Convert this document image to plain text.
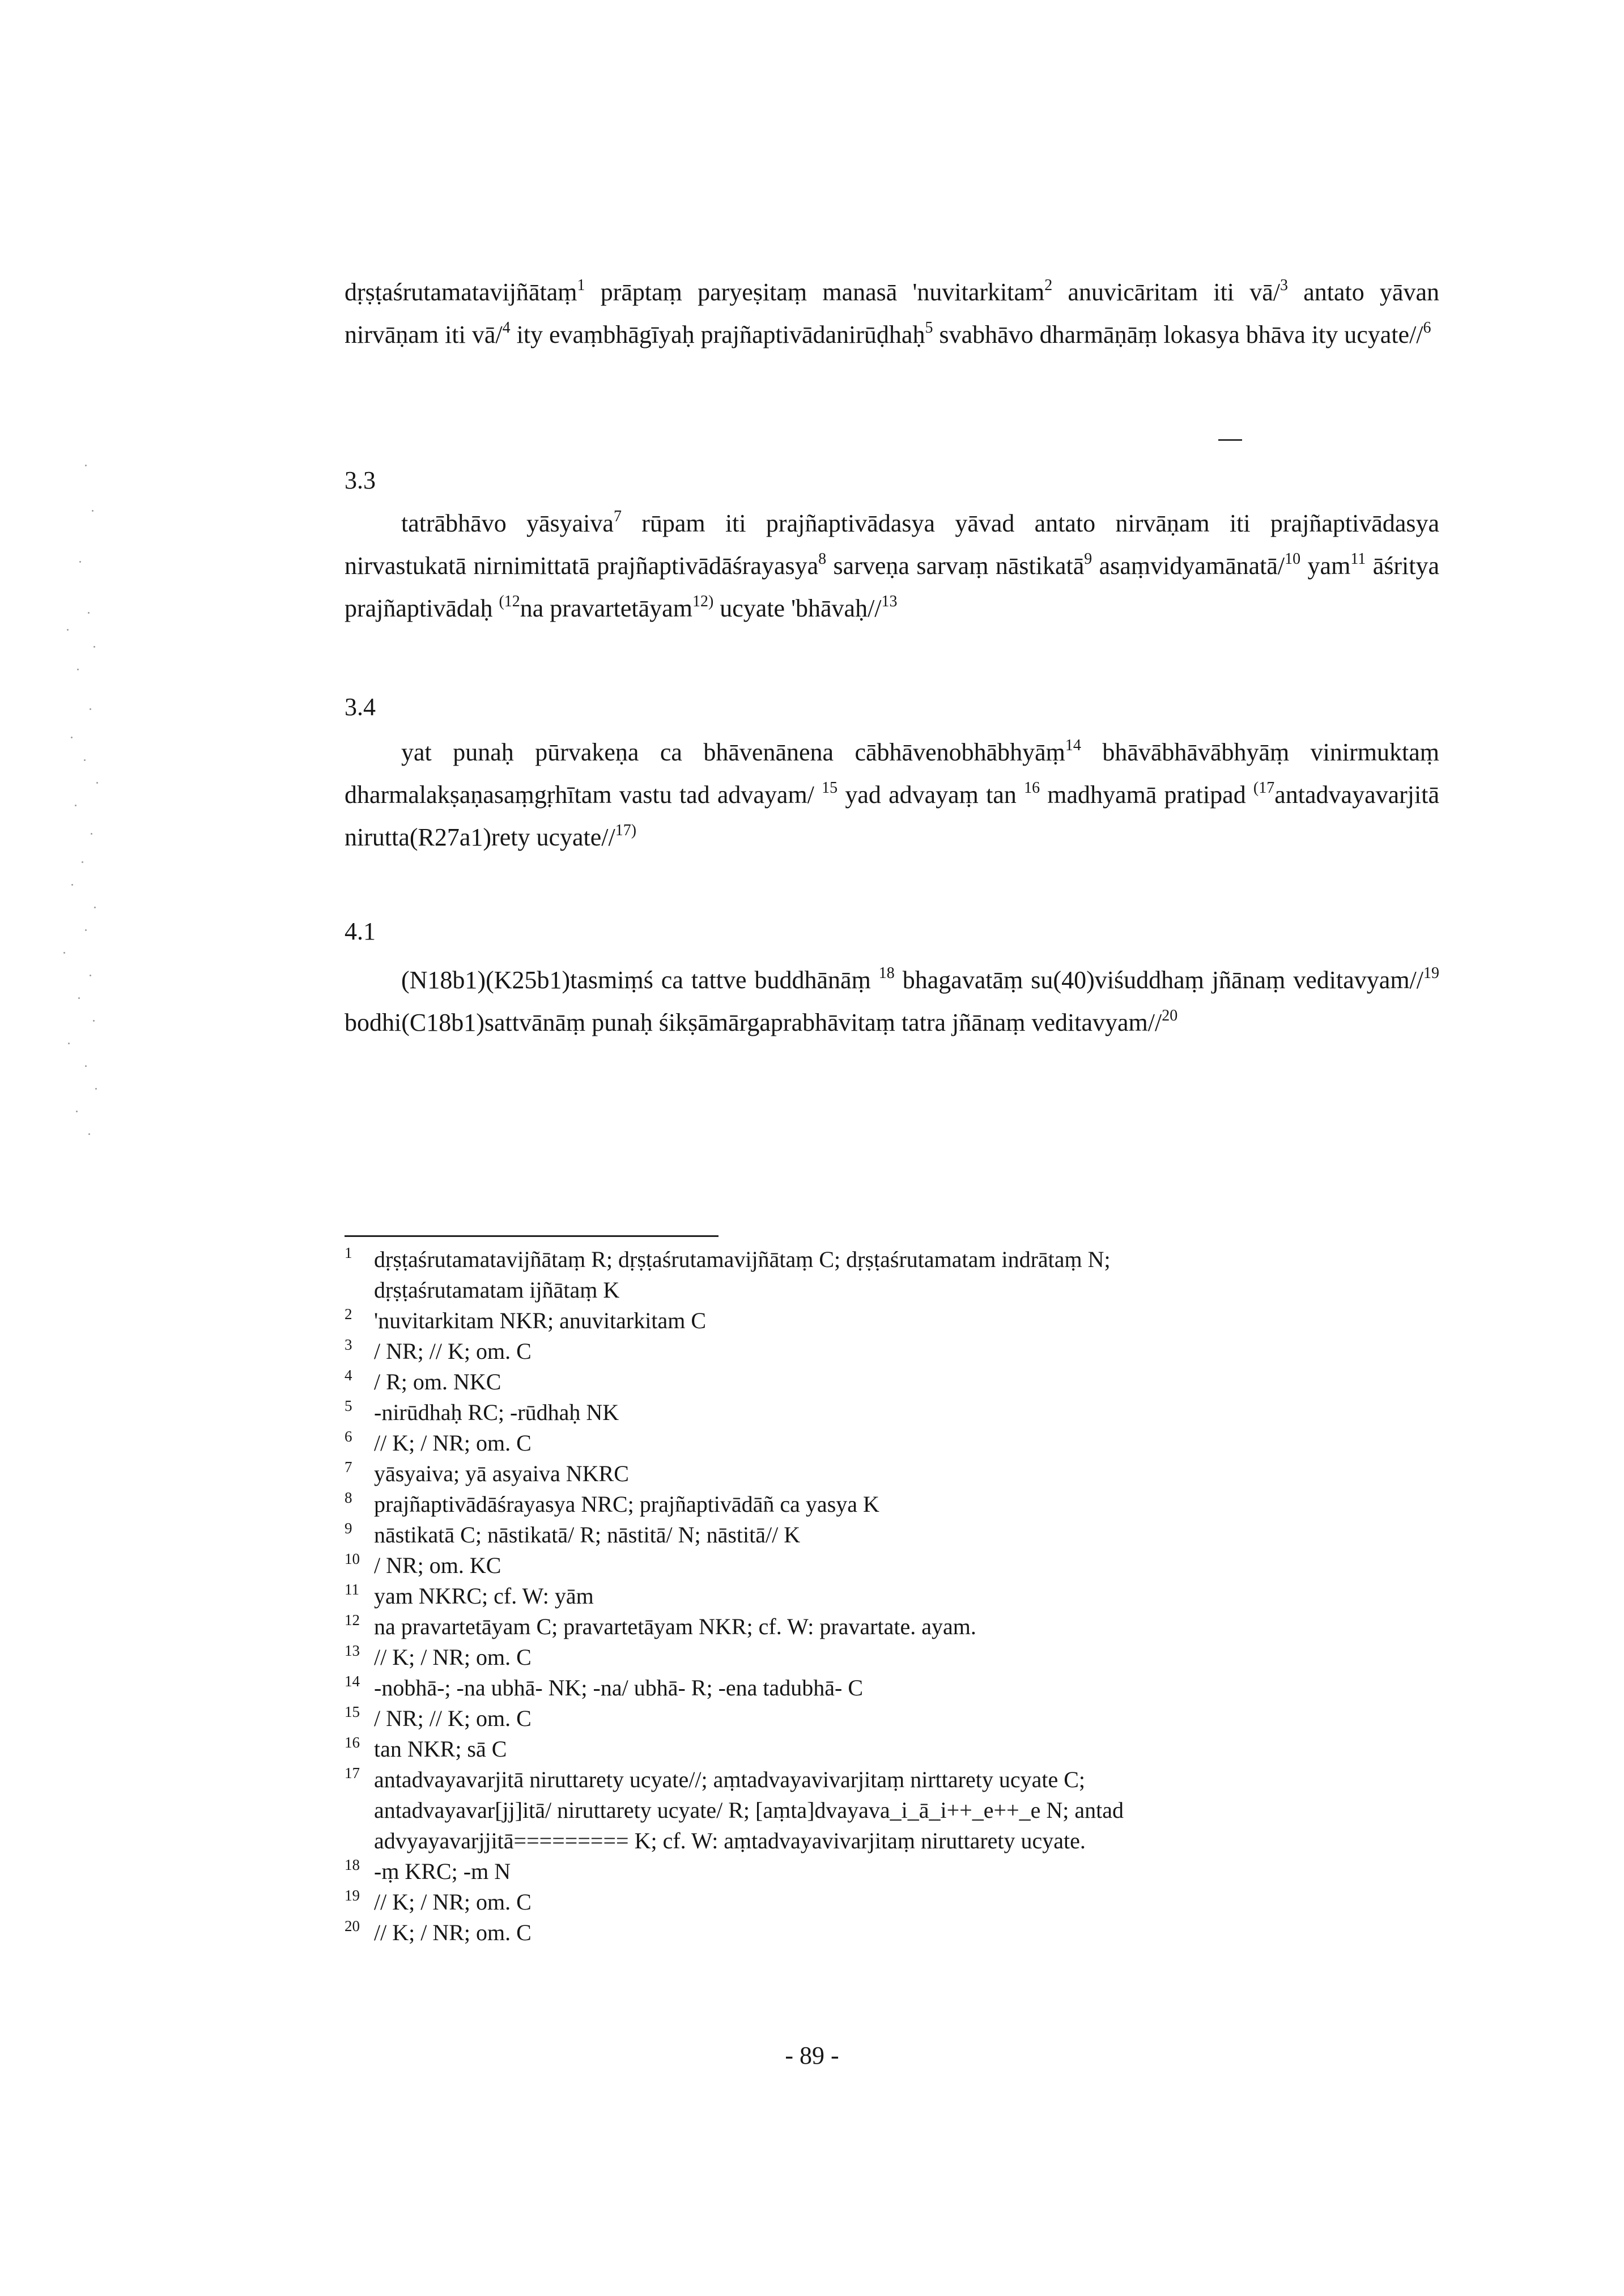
dṛṣṭaśrutamatavijñātaṃ$^1$ prāptaṃ paryeṣitaṃ manasā 'nuvitarkitam$^2$ anuvicāritam iti vā/$^3$ antato yāvan nirvāṇam iti vā/$^4$ ity evaṃbhāgīyaḥ prajñaptivādanirūḍhaḥ$^5$ svabhāvo dharmāṇāṃ lokasya bhāva ity ucyate//$^6$

3.3

tatrābhāvo yāsyaiva$^7$ rūpam iti prajñaptivādasya yāvad antato nirvāṇam iti prajñaptivādasya nirvastukatā nirnimittatā prajñaptivādāśrayasya$^8$ sarveṇa sarvaṃ nāstikatā$^9$ asaṃvidyamānatā/$^{10}$ yam$^{11}$ āśritya prajñaptivādaḥ $^{(12}$na pravartetāyam$^{12)}$ ucyate 'bhāvaḥ//$^{13}$

3.4

yat punaḥ pūrvakeṇa ca bhāvenānena cābhāvenobhābhyāṃ$^{14}$ bhāvābhāvābhyāṃ vinirmuktaṃ dharmalakṣaṇasaṃgṛhītam vastu tad advayam/ $^{15}$ yad advayaṃ tan $^{16}$ madhyamā pratipad $^{(17}$antadvayavarjitā nirutta(R27a1)rety ucyate//$^{17)}$

4.1

(N18b1)(K25b1)tasmiṃś ca tattve buddhānāṃ $^{18}$ bhagavatāṃ su(40)viśuddhaṃ jñānaṃ veditavyam//$^{19}$ bodhi(C18b1)sattvānāṃ punaḥ śikṣāmārgaprabhāvitaṃ tatra jñānaṃ veditavyam//$^{20}$

1 dṛṣṭaśrutamatavijñātaṃ R; dṛṣṭaśrutamavijñātaṃ C; dṛṣṭaśrutamatam indrātaṃ N;
dṛṣṭaśrutamatam ijñātaṃ K
2 'nuvitarkitam NKR; anuvitarkitam C
3 / NR; // K; om. C
4 / R; om. NKC
5 -nirūdhaḥ RC; -rūdhaḥ NK
6 // K; / NR; om. C
7 yāsyaiva; yā asyaiva NKRC
8 prajñaptivādāśrayasya NRC; prajñaptivādāñ ca yasya K
9 nāstikatā C; nāstikatā/ R; nāstitā/ N; nāstitā// K
10 / NR; om. KC
11 yam NKRC; cf. W: yām
12 na pravartetāyam C; pravartetāyam NKR; cf. W: pravartate. ayam.
13 // K; / NR; om. C
14 -nobhā-; -na ubhā- NK; -na/ ubhā- R; -ena tadubhā- C
15 / NR; // K; om. C
16 tan NKR; sā C
17 antadvayavarjitā niruttarety ucyate//; aṃtadvayavivarjitaṃ nirttarety ucyate C;
antadvayavar[jj]itā/ niruttarety ucyate/ R; [aṃta]dvayava_i_ā_i++_e++_e N; antad
advyayavarjjitā========= K; cf. W: aṃtadvayavivarjitaṃ niruttarety ucyate.
18 -ṃ KRC; -m N
19 // K; / NR; om. C
20 // K; / NR; om. C
- 89 -
